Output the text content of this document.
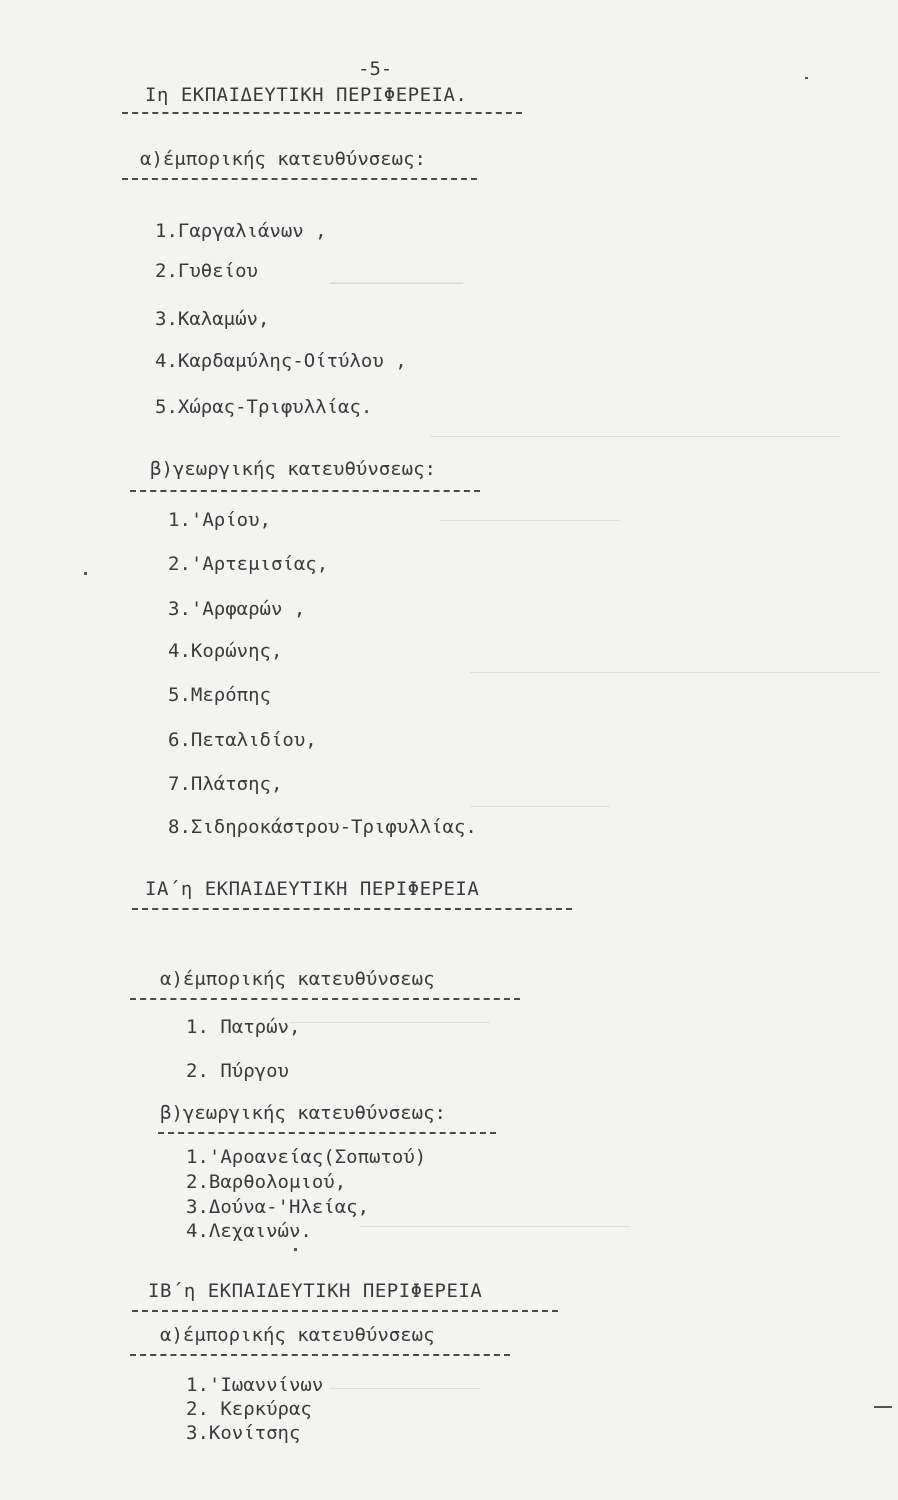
─────────────
-5-
Ιη ΕΚΠΑΙΔΕΥΤΙΚΗ ΠΕΡΙΦΕΡΕΙΑ.
α)έμπορικής κατευθύνσεως:
1.Γαργαλιάνων ,
2.Γυθείου
3.Καλαμών,
4.Καρδαμύλης-Οίτύλου ,
5.Χώρας-Τριφυλλίας.
β)γεωργικής κατευθύνσεως:
1.'Αρίου,
2.'Αρτεμισίας,
3.'Αρφαρών ,
4.Κορώνης,
5.Μερόπης
6.Πεταλιδίου,
7.Πλάτσης,
8.Σιδηροκάστρου-Τριφυλλίας.
ΙΑ΄η ΕΚΠΑΙΔΕΥΤΙΚΗ ΠΕΡΙΦΕΡΕΙΑ
α)έμπορικής κατευθύνσεως
1. Πατρών,
2. Πύργου
β)γεωργικής κατευθύνσεως:
1.'Αροανείας(Σοπωτού)
2.Βαρθολομιού,
3.Δούνα-'Ηλείας,
4.Λεχαινών.
ΙΒ΄η ΕΚΠΑΙΔΕΥΤΙΚΗ ΠΕΡΙΦΕΡΕΙΑ
α)έμπορικής κατευθύνσεως
1.'Ιωαννίνων
2. Κερκύρας
3.Κονίτσης
